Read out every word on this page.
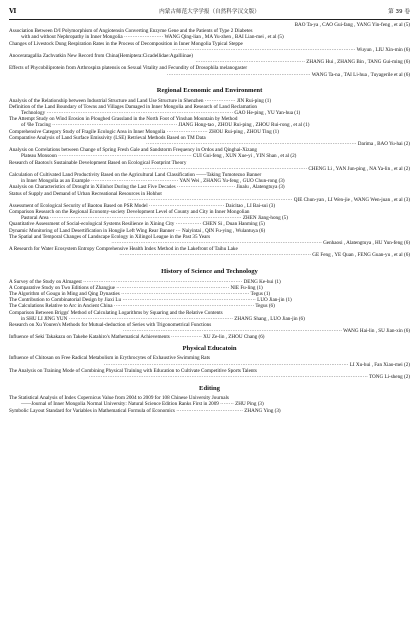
Ⅵ	内蒙古师范大学学报（自然科学汉文版）	第 39 卷
BAO Ta-ya , CAO Gui-fang , YANG Yin-feng , et al (5)
Association Between D/I Polymorphism of Angiotensin Converting Enzyme Gene and the Patients of Type 2 Diabetes
with and without Nephropathy in Inner Mongolia ······················· WANG Qing-lian , MA Yu-zhen , BAI Lian-mei , et al (5)
Changes of Livestock Dung Respiration Rates in the Process of Decomposition in Inner Mongolia Typical Steppe
··········································································································· Wuyun , LIU Xin-min (6)
Anoceratagallia Zachvatkin New Record from China(Hemiptera:Cicadellidae:Agalliinae)
································································ ZHANG Hui , ZHANG Bin , TANG Gui-ming (6)
Effects of Phycobiliprotein from Arthrospira platensis on Sexual Vitality and Fecundity of Drosophila melanogaster
···················································································· WANG Ta-na , TAI Li-hua , Tuyagerile et al (6)
Regional Economic and Environment
Analysis of the Relationship between Industrial Structure and Land Use Structure in Shenzhen ·················· JIN Rui-ping (1)
Definition of the Land Boundary of Towns and Villages Damaged in Inner Mongolia and Research of Land Reclamation
Technology ············································································································· GAO He-ping , YU Yan-hua (1)
The Attempt Study on Wind Erosion in Ploughed Grassland in the North Foot of Yinshan Mountain by Method
of ¹Be Tracing ········································································· JIANG Hong-tao , ZHOU Rui-ping , ZHOU Rui-rong , et al (1)
Comprehensive Category Study of Fragile Ecologic Area in Inner Mongolia ························ ZHOU Rui-ping , ZHOU Ting (1)
Comparative Analysis of Land Surface Emissivity (LSE) Retrieval Methods Based on TM Data
··························································································································· Darima , BAO Yu-hai (2)
Analysis on Correlations between Change of Spring Fresh Gale and Sandstorm Frequency in Ordos and Qinghai-Xizang
Plateau Monsoon ·············································································· CUI Gui-feng , XUN Xue-yi , YIN Shan , et al (2)
Research of Baotou's Sustainable Development Based on Ecological Footprint Theory
································································································ CHENG Li , YAN Jun-ping , NA Ya-lin , et al (2)
Calculation of Cultivated Land Productivity Based on the Agricultural Land Classification ——Taking Tumotezuo Banner
in Inner Mongolia as an Example ··················································· YAN Wei , ZHANG Yu-feng , GUO Chun-rong (3)
Analysis on Characteristics of Drought in Xilinhot During the Last Five Decades ·································· Jinalu , Alatengtuya (3)
Status of Supply and Demand of Urban Recreational Resources in Hohhot
································································································ QIE Chun-yan , LI Wen-jie , WANG Wen-juan , et al (3)
Assessment of Ecological Security of Baotou Based on PSR Model ············································ Daicitao , LI Bai-sui (3)
Comparison Research on the Regional Economy-society Development Level of County and City in Inner Mongolian
Pastoral Area ················································································································ ZHEN Jiang-hong (5)
Quantitative Assessment of Social-ecological Systems Resilience in Xining City ··············· CHEN Si , Duan Hanming (5)
Dynamic Monitoring of Land Desertification in Hongjie Left Wing Rear Banner ··· Naiyintai , QIN Fu-ying , Wulantuya (6)
The Spatial and Temporal Changes of Landscape Ecology in Xilingol League in the Past 35 Years
··························································································································· Genhaosi , Alatengtuya , HU Yun-feng (6)
A Research for Water Ecosystem Entropy Comprehensive Health Index Method in the Lakefront of Taihu Lake
················································································································ GE Feng , YE Quan , FENG Guan-yu , et al (6)
History of Science and Technology
A Survey of the Study on Almagest ····························································································· DENG Ke-hui (1)
A Comparative Study on Two Editions of Zhangjue ·································································· NIE Fu-ling (1)
The Algorithm of Gougu in Ming and Qing Dynasties ··········································································· Tegus (1)
The Contribution to Combinatorial Design by Jiaxi Lu ·············································································· LUO Jian-jin (1)
The Calculations Relative to Arc in Ancient China ·················································································· Tegus (6)
Comparison Between Briggs' Method of Calculating Logarithms by Squaring and the Relative Contents
in SHU LI JING YUN ································································································ ZHANG Shang , LUO Jian-jin (6)
Research on Xu Youren's Methods for Mutual-deduction of Series with Trigonometrical Functions
································································································································ WANG Hai-lin , SU Jian-xin (6)
Influence of Seki Takakazu on Takebe Katahiro's Mathematical Achievements ·················· XU Ze-lin , ZHOU Chang (6)
Physical Educatoin
Influence of Chitosan on Free Radical Metabolism in Erythrocytes of Exhaustive Swimming Rats
··············································································································································· LI Xu-hui , Fan Xiao-mei (2)
The Analysis on Training Mode of Combining Physical Training with Education to Cultivate Competitive Sports Talents
··································································································································································· TONG Li-sheng (2)
Editing
The Statistical Analysis of Index Copernicus Value from 2004 to 2009 for 108 Chinese University Journals
——Journal of Inner Mongolia Normal University: Natural Science Edition Ranks First in 2009 ········ ZHU Ping (3)
Symbolic Layout Standard for Variables in Mathematical Formula of Economics ······································· ZHANG Ying (3)
